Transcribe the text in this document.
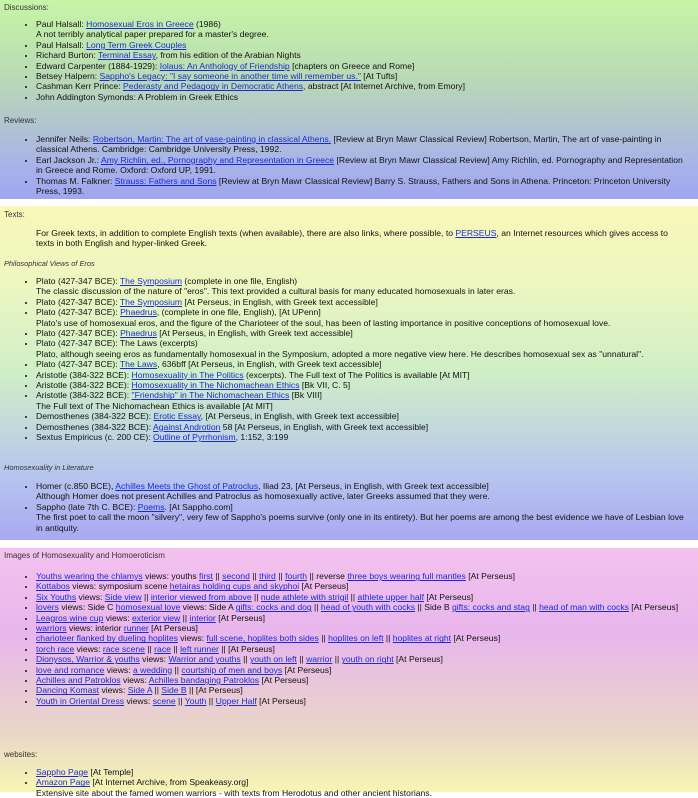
Discussions:
• Paul Halsall: Homosexual Eros in Greece (1986)
A not terribly analytical paper prepared for a master's degree.
• Paul Halsall: Long Term Greek Couples
• Richard Burton: Terminal Essay, from his edition of the Arabian Nights
• Edward Carpenter (1884-1929): Iolaus: An Anthology of Friendship [chapters on Greece and Rome]
• Betsey Halpern: Sappho's Legacy: "I say someone in another time will remember us." [At Tufts]
• Cashman Kerr Prince: Pederasty and Pedagogy in Democratic Athens, abstract [At Internet Archive, from Emory]
• John Addington Symonds: A Problem in Greek Ethics
Reviews:
• Jennifer Neils: Robertson, Martin: The art of vase-painting in classical Athens. [Review at Bryn Mawr Classical Review] Robertson, Martin, The art of vase-painting in classical Athens. Cambridge: Cambridge University Press, 1992.
• Earl Jackson Jr.: Amy Richlin, ed., Pornography and Representation in Greece [Review at Bryn Mawr Classical Review] Amy Richlin, ed. Pornography and Representation in Greece and Rome. Oxford: Oxford UP, 1991.
• Thomas M. Falkner: Strauss: Fathers and Sons [Review at Bryn Mawr Classical Review] Barry S. Strauss, Fathers and Sons in Athena. Princeton: Princeton University Press, 1993.
Texts:
For Greek texts, in addition to complete English texts (when available), there are also links, where possible, to PERSEUS, an Internet resources which gives access to texts in both English and hyper-linked Greek.
Philosophical Views of Eros
• Plato (427-347 BCE): The Symposium (complete in one file, English)
The classic discussion of the nature of "eros". This text provided a cultural basis for many educated homosexuals in later eras.
• Plato (427-347 BCE): The Symposium [At Perseus, in English, with Greek text accessible]
• Plato (427-347 BCE): Phaedrus, (complete in one file, English), [At UPenn]
Plato's use of homosexual eros, and the figure of the Charioteer of the soul, has been of lasting importance in positive conceptions of homosexual love.
• Plato (427-347 BCE): Phaedrus [At Perseus, in English, with Greek text accessible]
• Plato (427-347 BCE): The Laws (excerpts)
Plato, although seeing eros as fundamentally homosexual in the Symposium, adopted a more negative view here. He describes homosexual sex as "unnatural".
• Plato (427-347 BCE): The Laws, 636bff [At Perseus, in English, with Greek text accessible]
• Aristotle (384-322 BCE): Homosexuality in The Politics (excerpts). The Full text of The Politics is available [At MIT]
• Aristotle (384-322 BCE): Homosexuality in The Nichomachean Ethics [Bk VII, C. 5]
• Aristotle (384-322 BCE): "Friendship" in The Nichomachean Ethics [Bk VIII]
The Full text of The Nichomachean Ethics is available [At MIT]
• Demosthenes (384-322 BCE): Erotic Essay, [At Perseus, in English, with Greek text accessible]
• Demosthenes (384-322 BCE): Against Androtion 58 [At Perseus, in English, with Greek text accessible]
• Sextus Empiricus (c. 200 CE): Outline of Pyrrhonism, 1:152, 3:199
Homosexuality in Literature
• Homer (c.850 BCE), Achilles Meets the Ghost of Patroclus, Iliad 23, [At Perseus, in English, with Greek text accessible]
Although Homer does not present Achilles and Patroclus as homosexually active, later Greeks assumed that they were.
• Sappho (late 7th C. BCE): Poems. [At Sappho.com]
The first poet to call the moon "silvery", very few of Sappho's poems survive (only one in its entirety). But her poems are among the best evidence we have of Lesbian love in antiquity.
Images of Homosexuality and Homoeroticism
• Youths wearing the chlamys views: youths first || second || third || fourth || reverse three boys wearing full mantles [At Perseus]
• Kottabos views: symposium scene hetairas holding cups and skyphoi [At Perseus]
• Six Youths views: Side view || interior viewed from above || nude athlete with strigil || athlete upper half [At Perseus]
• lovers views: Side C homosexual love views: Side A gifts: cocks and dog || head of youth with cocks || Side B gifts: cocks and stag || head of man with cocks [At Perseus]
• Leagros wine cup views: exterior view || interior [At Perseus]
• warriors views: interior runner [At Perseus]
• charioteer flanked by dueling hoplites views: full scene, hoplites both sides || hoplites on left || hoplites at right [At Perseus]
• torch race views: race scene || race || left runner || [At Perseus]
• Dionysos, Warrior & youths views: Warrior and youths || youth on left || warrior || youth on right [At Perseus]
• love and romance views: a wedding || courtship of men and boys [At Perseus]
• Achilles and Patroklos views: Achilles bandaging Patroklos [At Perseus]
• Dancing Komast views: Side A || Side B || [At Perseus]
• Youth in Oriental Dress views: scene || Youth || Upper Half [At Perseus]
websites:
• Sappho Page [At Temple]
• Amazon Page [At Internet Archive, from Speakeasy.org]
Extensive site about the famed women warriors - with texts from Herodotus and other ancient historians.
